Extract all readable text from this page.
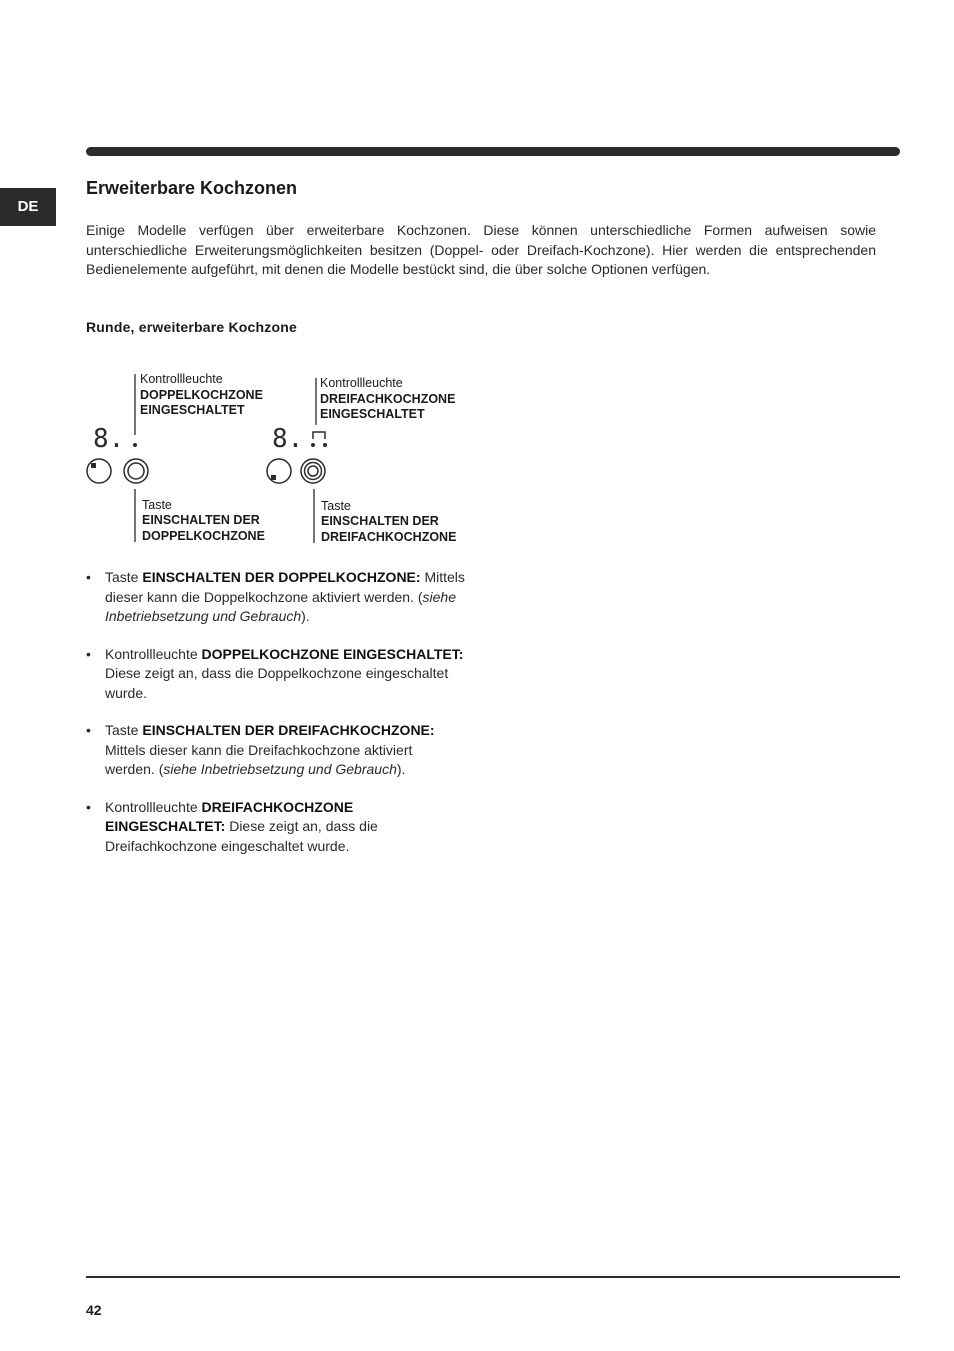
DE
Erweiterbare Kochzonen

Einige Modelle verfügen über erweiterbare Kochzonen. Diese können unterschiedliche Formen aufweisen sowie unterschiedliche Erweiterungsmöglichkeiten besitzen (Doppel- oder Dreifach-Kochzone). Hier werden die entsprechenden Bedienelemente aufgeführt, mit denen die Modelle bestückt sind, die über solche Optionen verfügen.

Runde, erweiterbare Kochzone
8.	8.
Kontrollleuchte
DOPPELKOCHZONE
EINGESCHALTET
Kontrollleuchte
DREIFACHKOCHZONE
EINGESCHALTET
Taste
EINSCHALTEN DER
DOPPELKOCHZONE
Taste
EINSCHALTEN DER
DREIFACHKOCHZONE
• Taste EINSCHALTEN DER DOPPELKOCHZONE: Mittels dieser kann die Doppelkochzone aktiviert werden. (siehe Inbetriebsetzung und Gebrauch).
• Kontrollleuchte DOPPELKOCHZONE EINGESCHALTET: Diese zeigt an, dass die Doppelkochzone eingeschaltet wurde.
• Taste EINSCHALTEN DER DREIFACHKOCHZONE: Mittels dieser kann die Dreifachkochzone aktiviert werden. (siehe Inbetriebsetzung und Gebrauch).
• Kontrollleuchte DREIFACHKOCHZONE EINGESCHALTET: Diese zeigt an, dass die Dreifachkochzone eingeschaltet wurde.
42
